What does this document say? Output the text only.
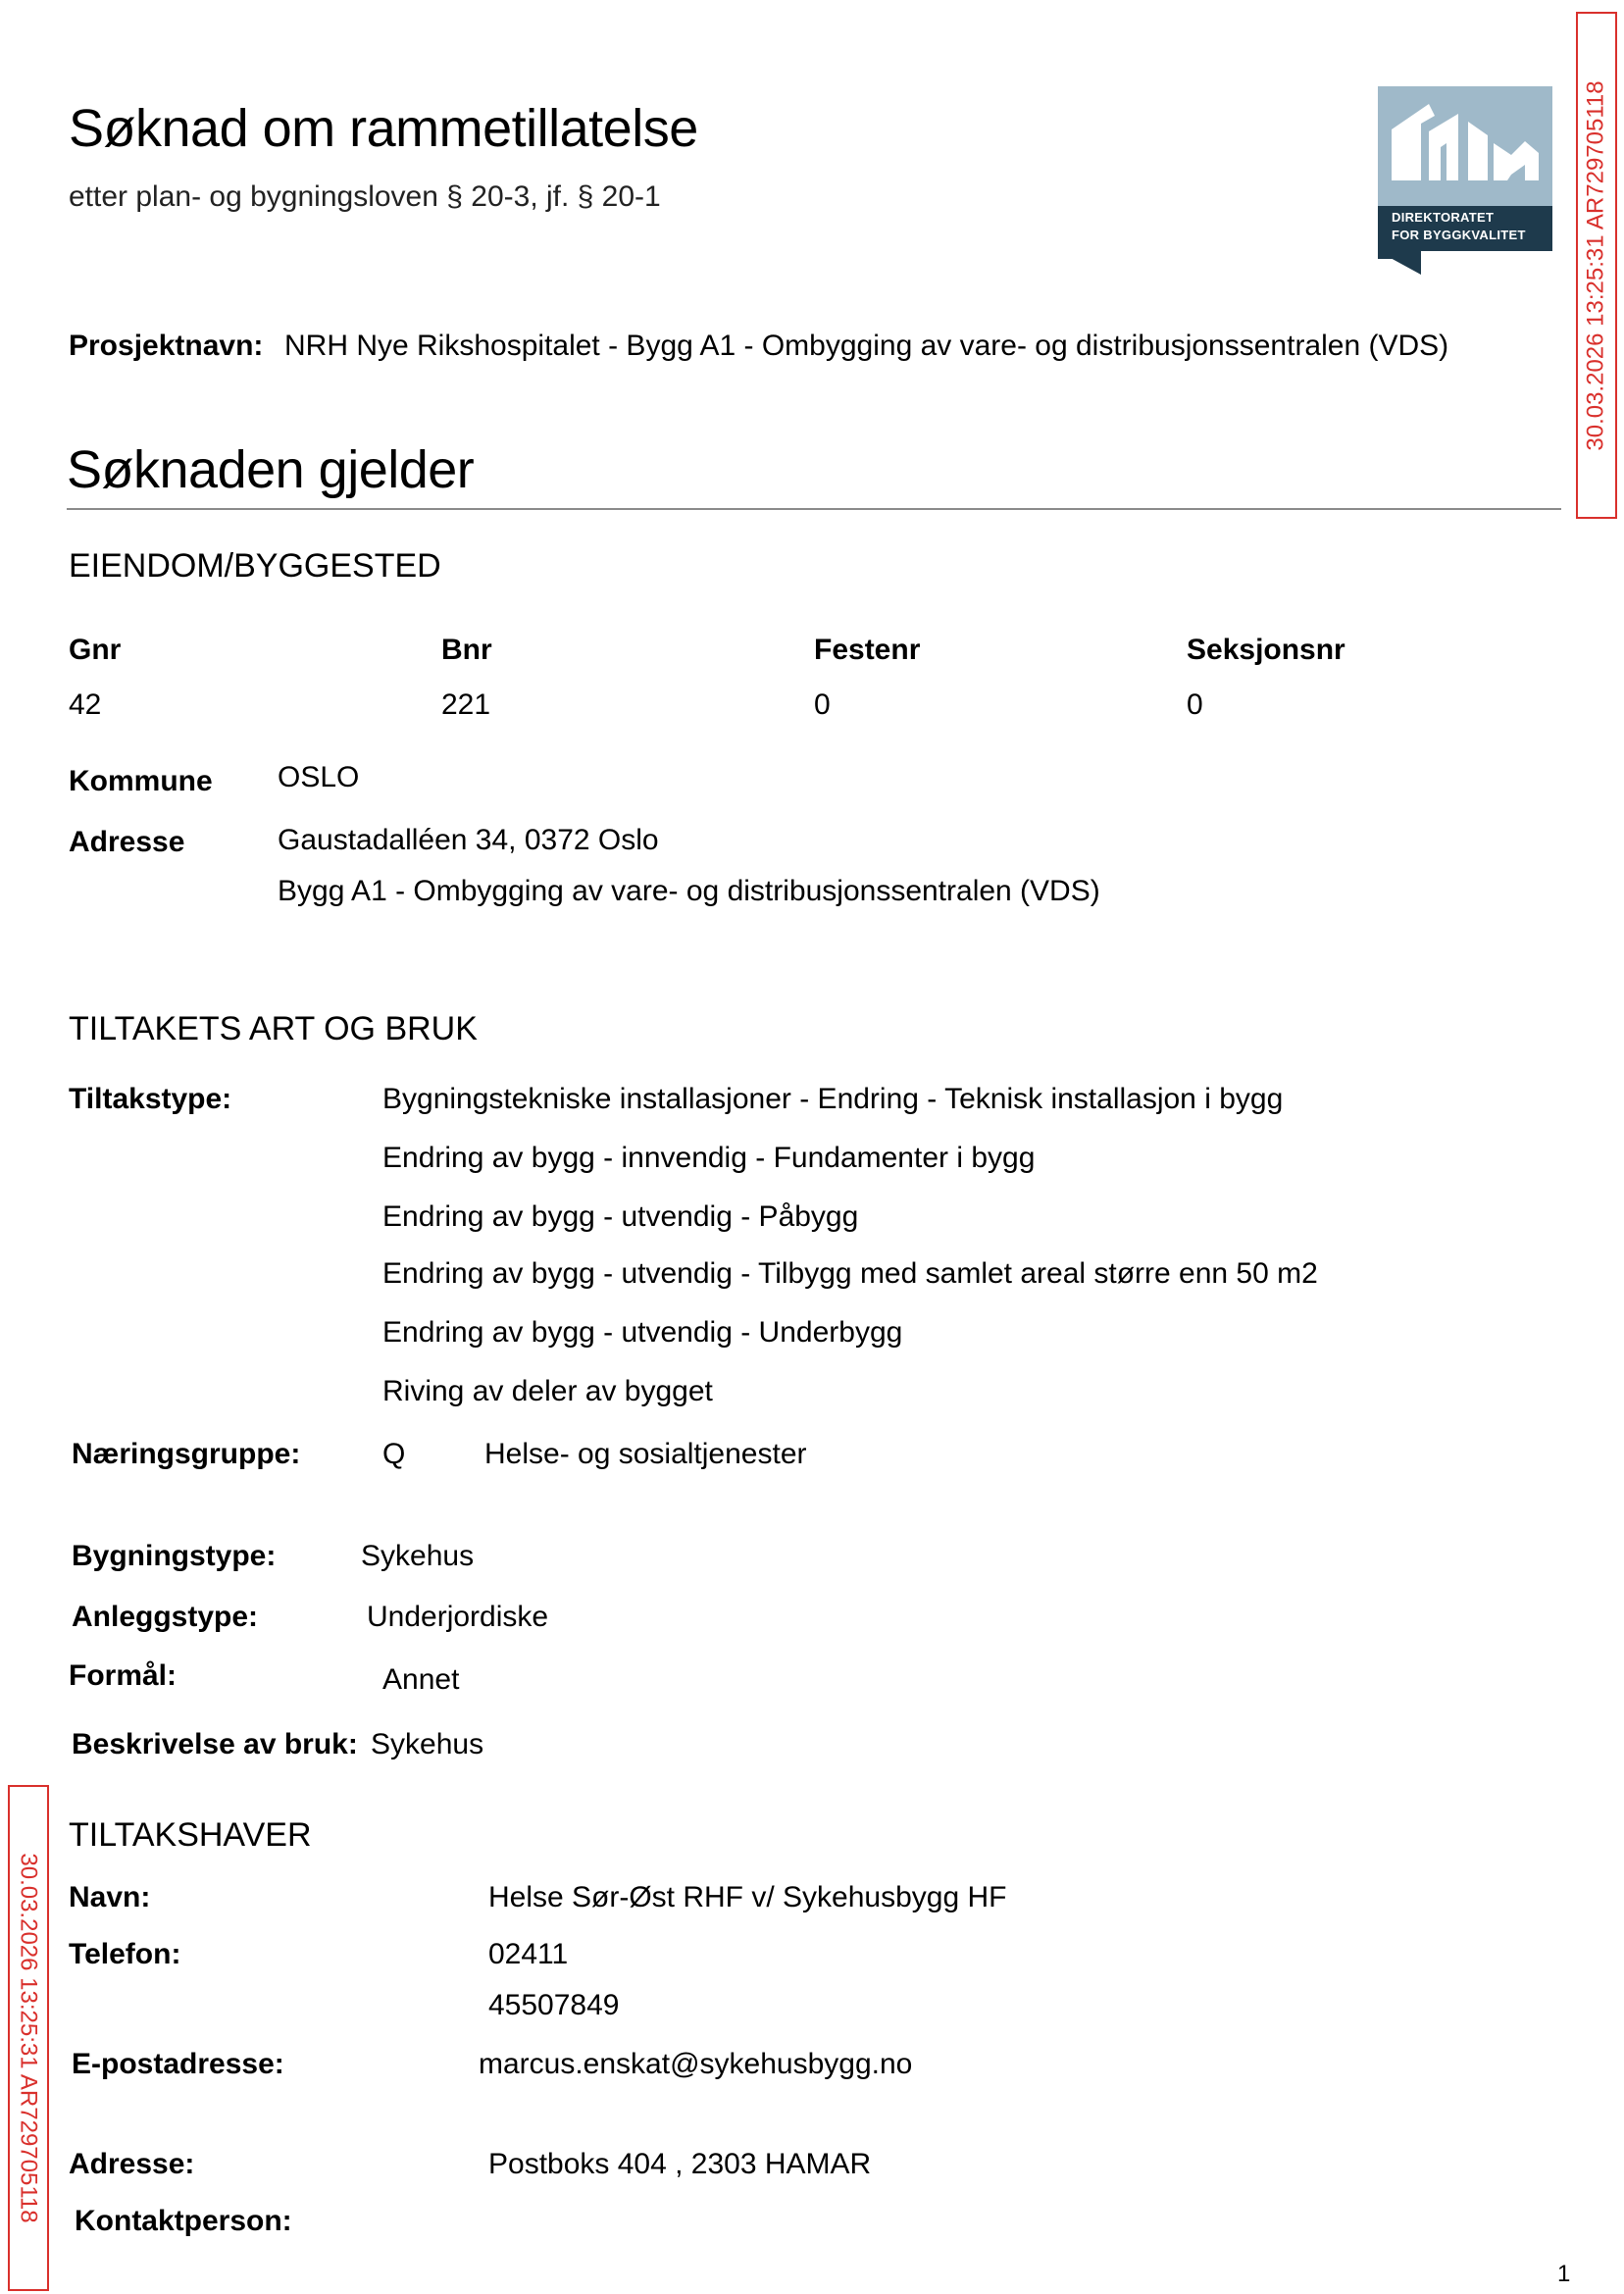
Søknad om rammetillatelse
etter plan- og bygningsloven § 20-3, jf. § 20-1
DIREKTORATET
FOR BYGGKVALITET
Prosjektnavn: NRH Nye Rikshospitalet - Bygg A1 - Ombygging av vare- og distribusjonssentralen (VDS)
Søknaden gjelder
EIENDOM/BYGGESTED
Gnr	Bnr	Festenr	Seksjonsnr
42	221	0	0
Kommune OSLO
Adresse	Gaustadalléen 34, 0372 Oslo
Bygg A1 - Ombygging av vare- og distribusjonssentralen (VDS)
TILTAKETS ART OG BRUK
Tiltakstype:	Bygningstekniske installasjoner - Endring - Teknisk installasjon i bygg
Endring av bygg - innvendig - Fundamenter i bygg
Endring av bygg - utvendig - Påbygg
Endring av bygg - utvendig - Tilbygg med samlet areal større enn 50 m2
Endring av bygg - utvendig - Underbygg
Riving av deler av bygget
Næringsgruppe:	Q	Helse- og sosialtjenester
Bygningstype:	Sykehus
Anleggstype:	Underjordiske
Formål:	Annet
Beskrivelse av bruk: Sykehus
TILTAKSHAVER
Navn:	Helse Sør-Øst RHF v/ Sykehusbygg HF
Telefon:	02411
45507849
E-postadresse:	marcus.enskat@sykehusbygg.no
Adresse:	Postboks 404 , 2303 HAMAR
Kontaktperson:
30.03.2026 13:25:31 AR729705118
30.03.2026 13:25:31 AR729705118
1
